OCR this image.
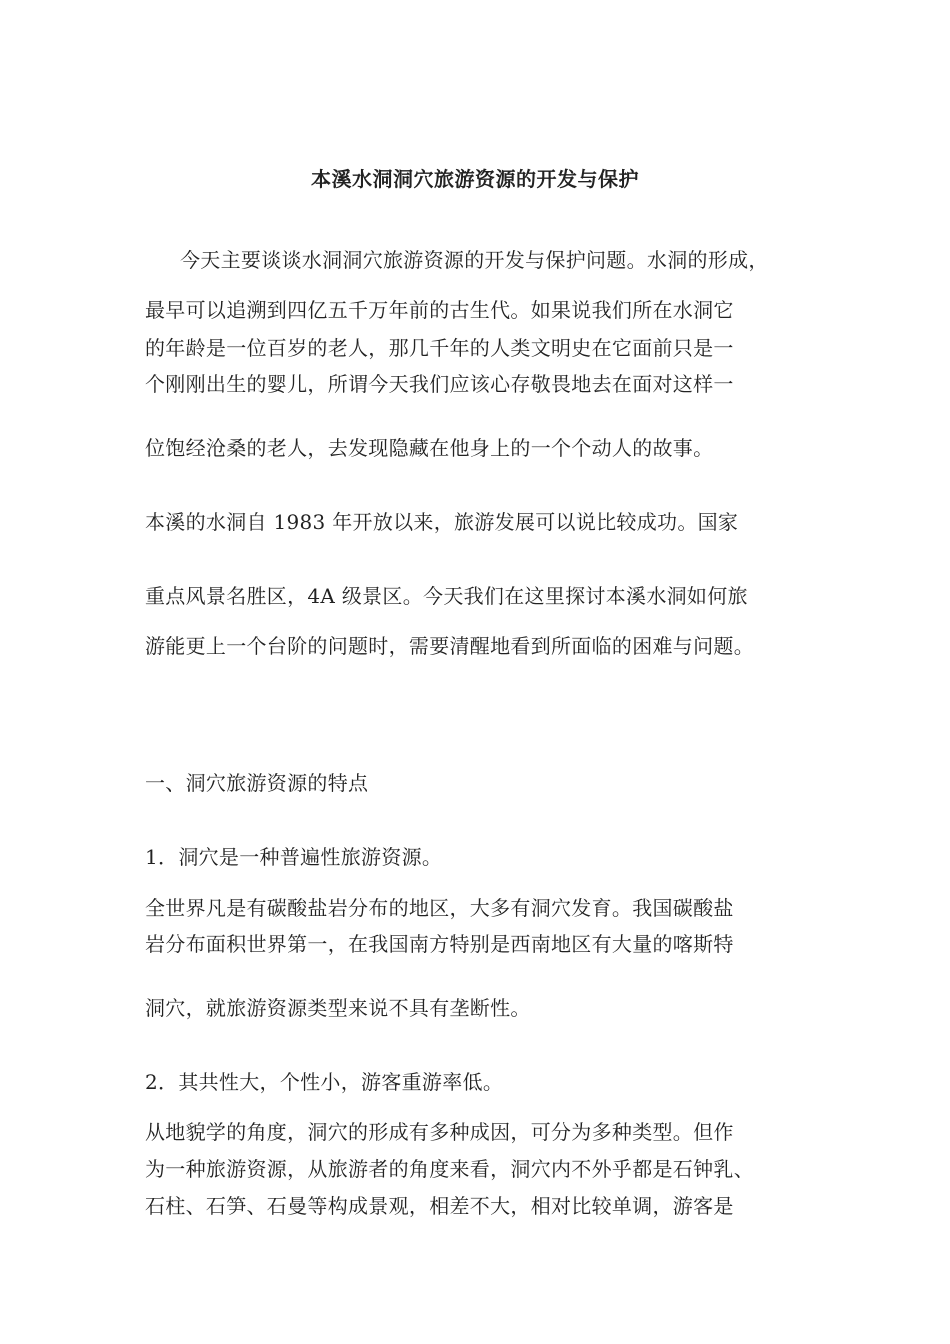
本溪水洞洞穴旅游资源的开发与保护

今天主要谈谈水洞洞穴旅游资源的开发与保护问题。水洞的形成，

最早可以追溯到四亿五千万年前的古生代。如果说我们所在水洞它

的年龄是一位百岁的老人，那几千年的人类文明史在它面前只是一

个刚刚出生的婴儿，所谓今天我们应该心存敬畏地去在面对这样一

位饱经沧桑的老人，去发现隐藏在他身上的一个个动人的故事。

本溪的水洞自 1983 年开放以来，旅游发展可以说比较成功。国家

重点风景名胜区，4A 级景区。今天我们在这里探讨本溪水洞如何旅

游能更上一个台阶的问题时，需要清醒地看到所面临的困难与问题。

一、洞穴旅游资源的特点

1．洞穴是一种普遍性旅游资源。

全世界凡是有碳酸盐岩分布的地区，大多有洞穴发育。我国碳酸盐

岩分布面积世界第一，在我国南方特别是西南地区有大量的喀斯特

洞穴，就旅游资源类型来说不具有垄断性。

2．其共性大，个性小，游客重游率低。

从地貌学的角度，洞穴的形成有多种成因，可分为多种类型。但作

为一种旅游资源，从旅游者的角度来看，洞穴内不外乎都是石钟乳、

石柱、石笋、石曼等构成景观，相差不大，相对比较单调，游客是
